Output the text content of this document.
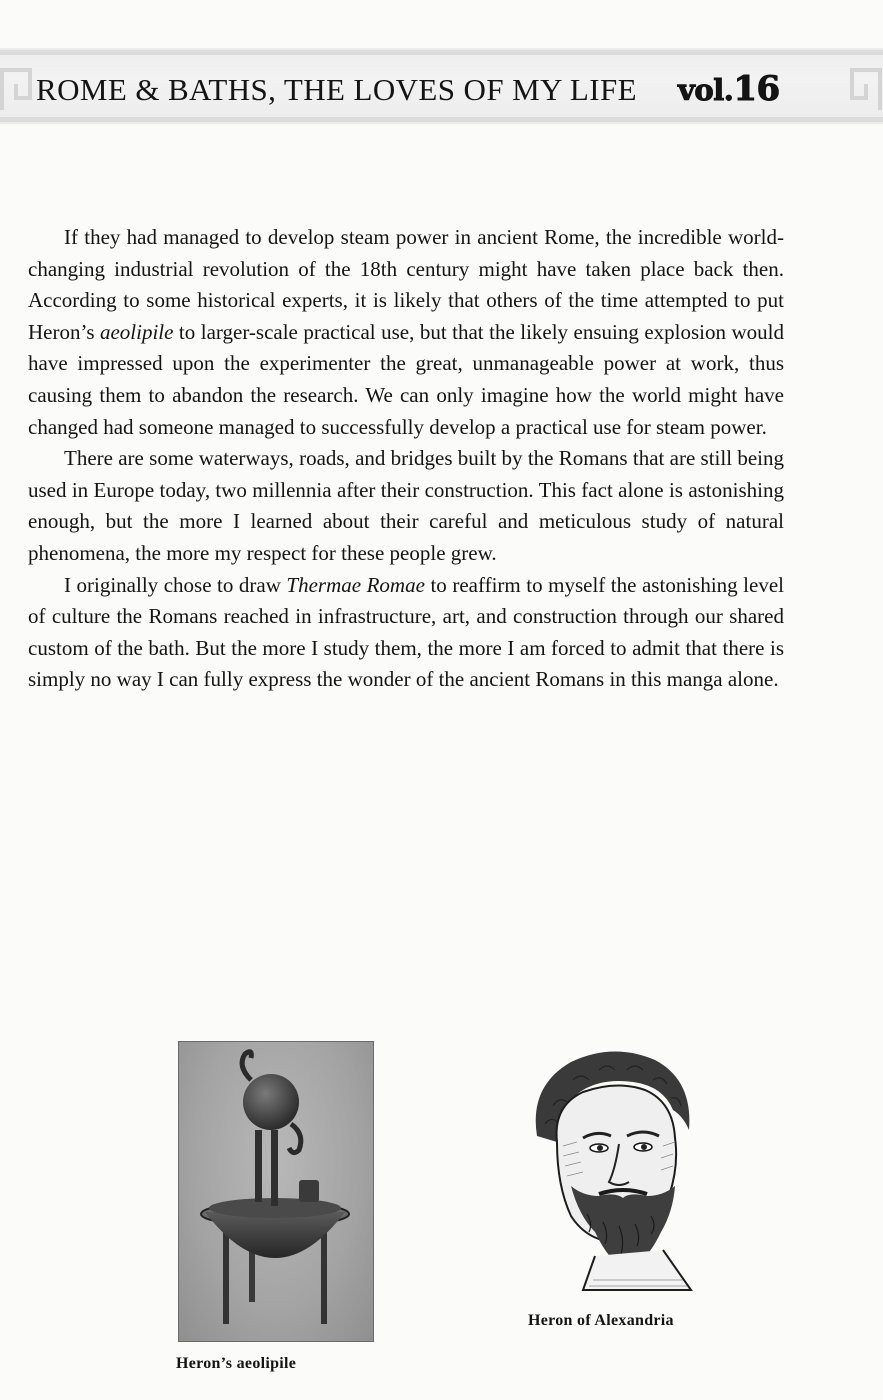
ROME & BATHS, THE LOVES OF MY LIFE vol.16

If they had managed to develop steam power in ancient Rome, the incredible world-changing industrial revolution of the 18th century might have taken place back then. According to some historical experts, it is likely that others of the time attempted to put Heron’s aeolipile to larger-scale practical use, but that the likely ensuing explosion would have impressed upon the experimenter the great, unmanageable power at work, thus causing them to abandon the research. We can only imagine how the world might have changed had someone managed to successfully develop a practical use for steam power.

There are some waterways, roads, and bridges built by the Romans that are still being used in Europe today, two millennia after their construction. This fact alone is astonishing enough, but the more I learned about their careful and meticulous study of natural phenomena, the more my respect for these people grew.

I originally chose to draw Thermae Romae to reaffirm to myself the astonishing level of culture the Romans reached in infrastructure, art, and construction through our shared custom of the bath. But the more I study them, the more I am forced to admit that there is simply no way I can fully express the wonder of the ancient Romans in this manga alone.

Heron’s aeolipile
Heron of Alexandria
